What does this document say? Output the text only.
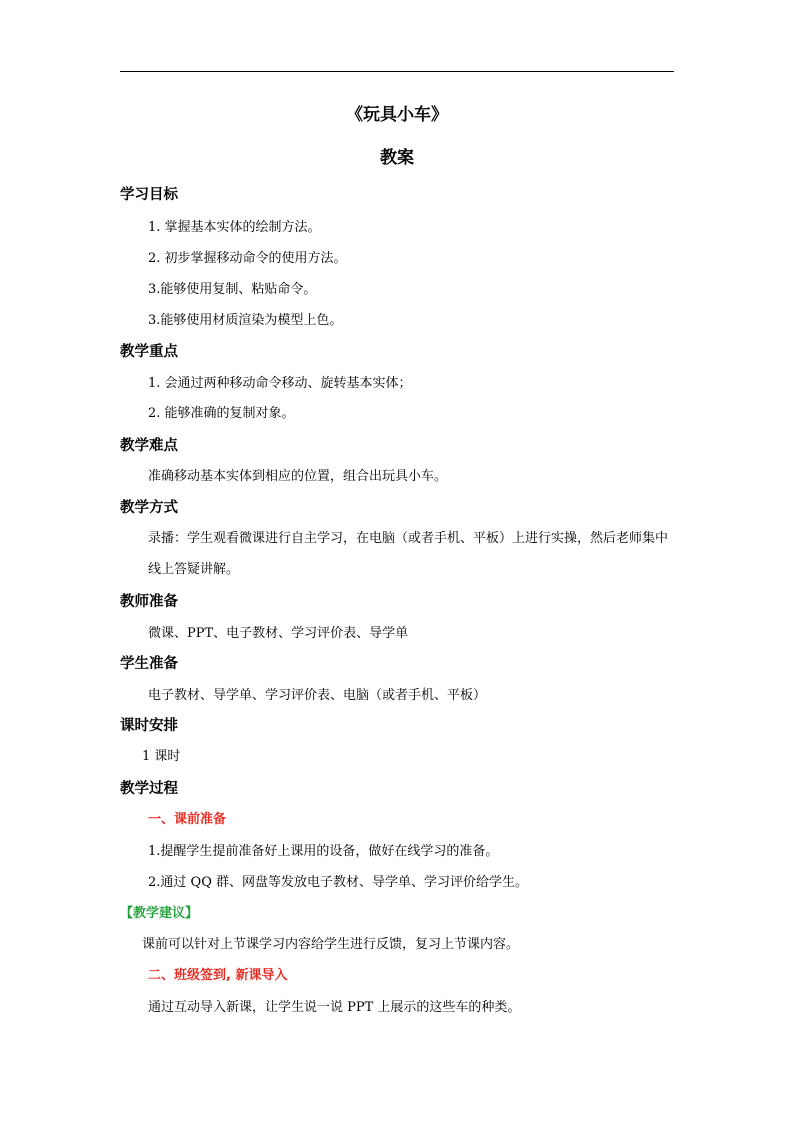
《玩具小车》
教案
学习目标
1. 掌握基本实体的绘制方法。
2. 初步掌握移动命令的使用方法。
3.能够使用复制、粘贴命令。
3.能够使用材质渲染为模型上色。
教学重点
1. 会通过两种移动命令移动、旋转基本实体；
2. 能够准确的复制对象。
教学难点
准确移动基本实体到相应的位置，组合出玩具小车。
教学方式
录播：学生观看微课进行自主学习，在电脑（或者手机、平板）上进行实操，然后老师集中线上答疑讲解。
教师准备
微课、PPT、电子教材、学习评价表、导学单
学生准备
电子教材、导学单、学习评价表、电脑（或者手机、平板）
课时安排
1 课时
教学过程
一、课前准备
1.提醒学生提前准备好上课用的设备，做好在线学习的准备。
2.通过 QQ 群、网盘等发放电子教材、导学单、学习评价给学生。
【教学建议】
课前可以针对上节课学习内容给学生进行反馈，复习上节课内容。
二、班级签到, 新课导入
通过互动导入新课，让学生说一说 PPT 上展示的这些车的种类。
